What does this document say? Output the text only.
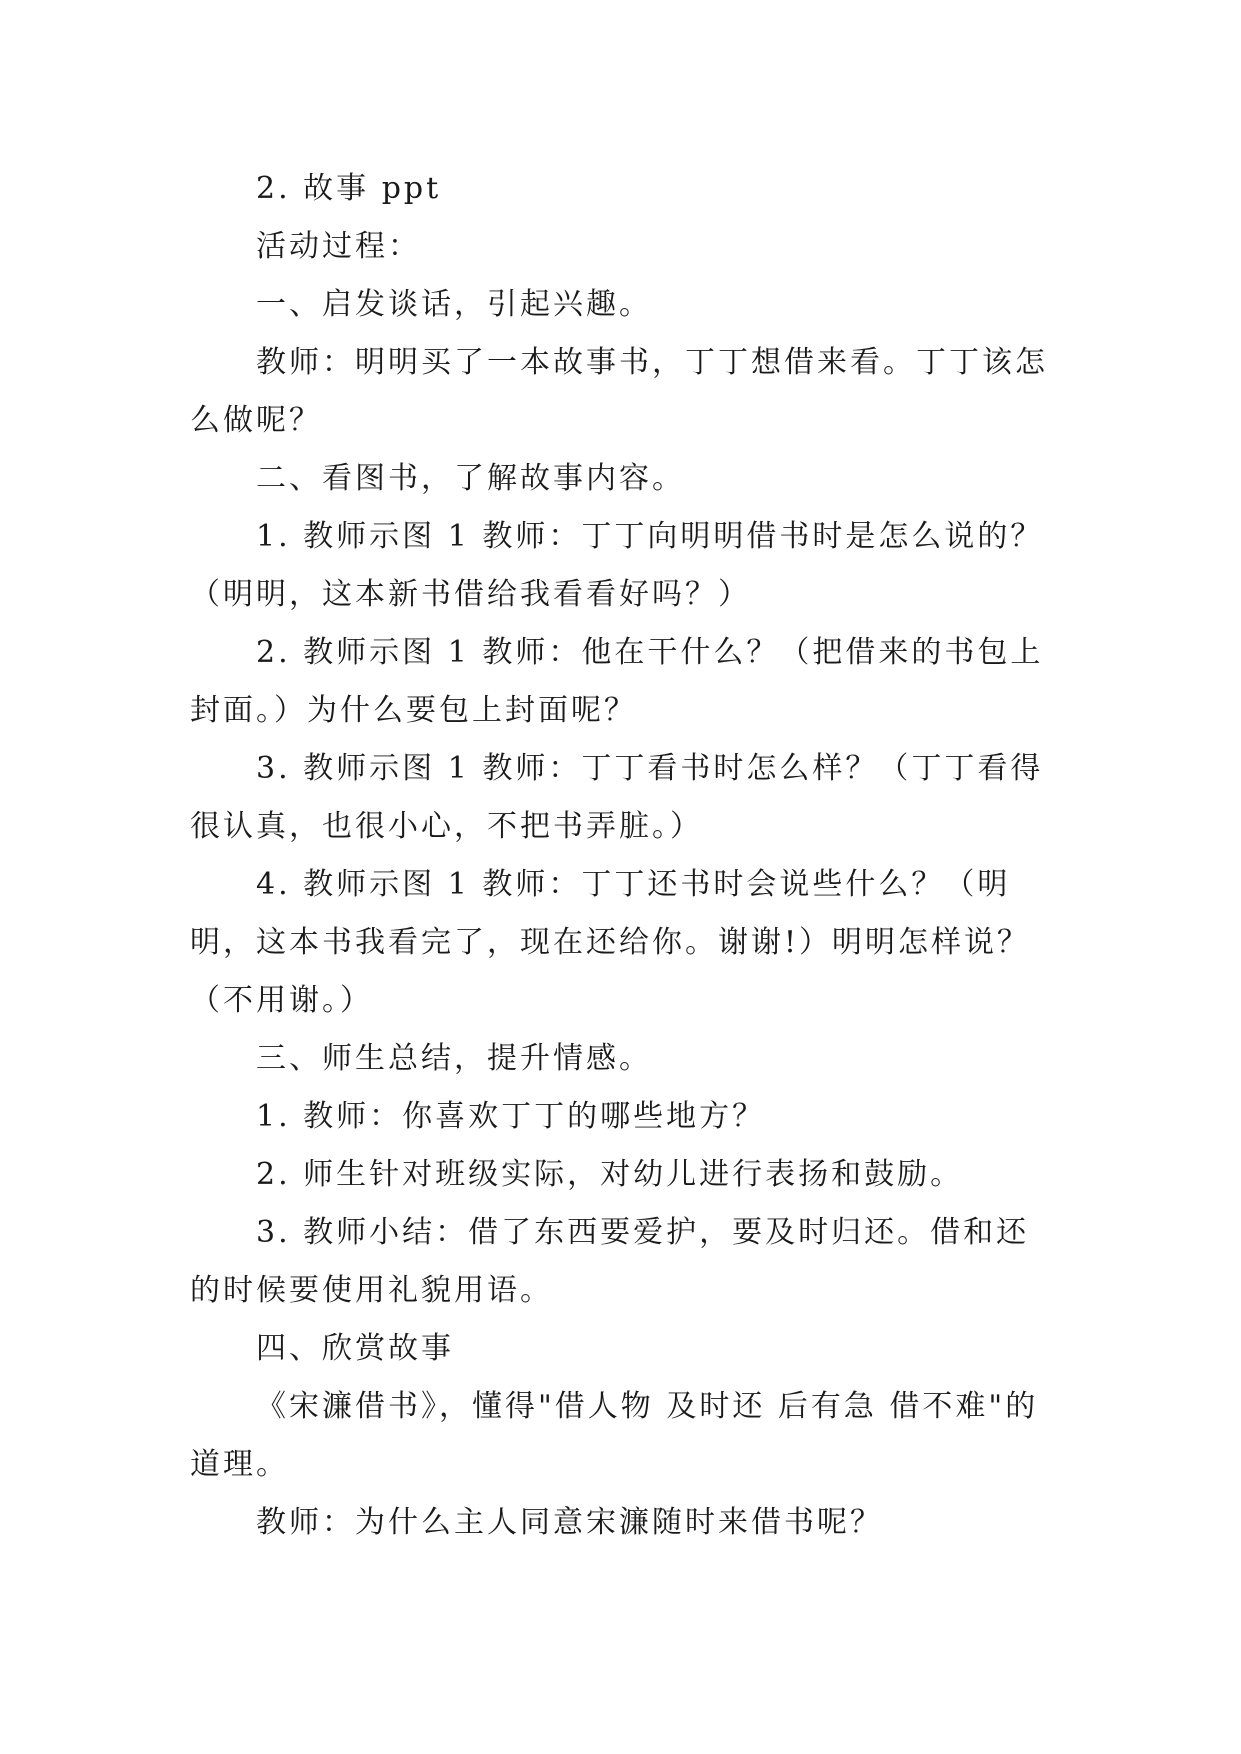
2. 故事 ppt

活动过程：

一、启发谈话，引起兴趣。

教师：明明买了一本故事书，丁丁想借来看。丁丁该怎么做呢？

二、看图书，了解故事内容。

1. 教师示图 1 教师：丁丁向明明借书时是怎么说的？（明明，这本新书借给我看看好吗？）

2. 教师示图 1 教师：他在干什么？（把借来的书包上封面。）为什么要包上封面呢？

3. 教师示图 1 教师：丁丁看书时怎么样？（丁丁看得很认真，也很小心，不把书弄脏。）

4. 教师示图 1 教师：丁丁还书时会说些什么？（明明，这本书我看完了，现在还给你。谢谢!）明明怎样说？（不用谢。）

三、师生总结，提升情感。

1. 教师：你喜欢丁丁的哪些地方？

2. 师生针对班级实际，对幼儿进行表扬和鼓励。

3. 教师小结：借了东西要爱护，要及时归还。借和还的时候要使用礼貌用语。

四、欣赏故事

《宋濂借书》，懂得"借人物 及时还 后有急 借不难"的道理。

教师：为什么主人同意宋濂随时来借书呢？
